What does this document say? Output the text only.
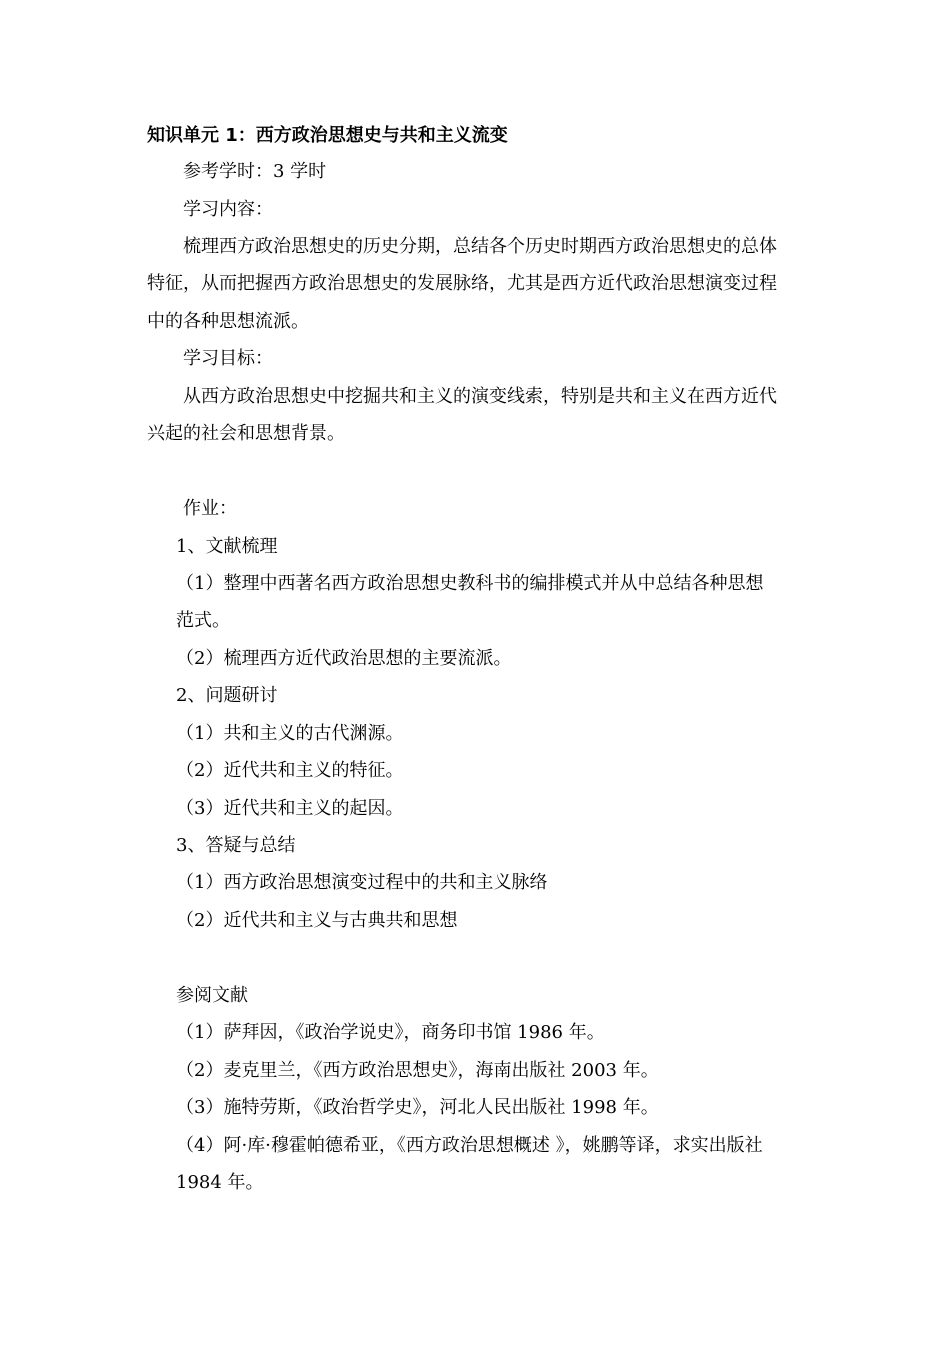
知识单元 1：西方政治思想史与共和主义流变
参考学时：3 学时
学习内容：
梳理西方政治思想史的历史分期，总结各个历史时期西方政治思想史的总体
特征，从而把握西方政治思想史的发展脉络，尤其是西方近代政治思想演变过程
中的各种思想流派。
学习目标：
从西方政治思想史中挖掘共和主义的演变线索，特别是共和主义在西方近代
兴起的社会和思想背景。
作业：
1、文献梳理
（1）整理中西著名西方政治思想史教科书的编排模式并从中总结各种思想
范式。
（2）梳理西方近代政治思想的主要流派。
2、问题研讨
（1）共和主义的古代渊源。
（2）近代共和主义的特征。
（3）近代共和主义的起因。
3、答疑与总结
（1）西方政治思想演变过程中的共和主义脉络
（2）近代共和主义与古典共和思想
参阅文献
（1）萨拜因，《政治学说史》，商务印书馆 1986 年。
（2）麦克里兰，《西方政治思想史》，海南出版社 2003 年。
（3）施特劳斯，《政治哲学史》，河北人民出版社 1998 年。
（4）阿·库·穆霍帕德希亚，《西方政治思想概述 》，姚鹏等译，求实出版社
1984 年。
